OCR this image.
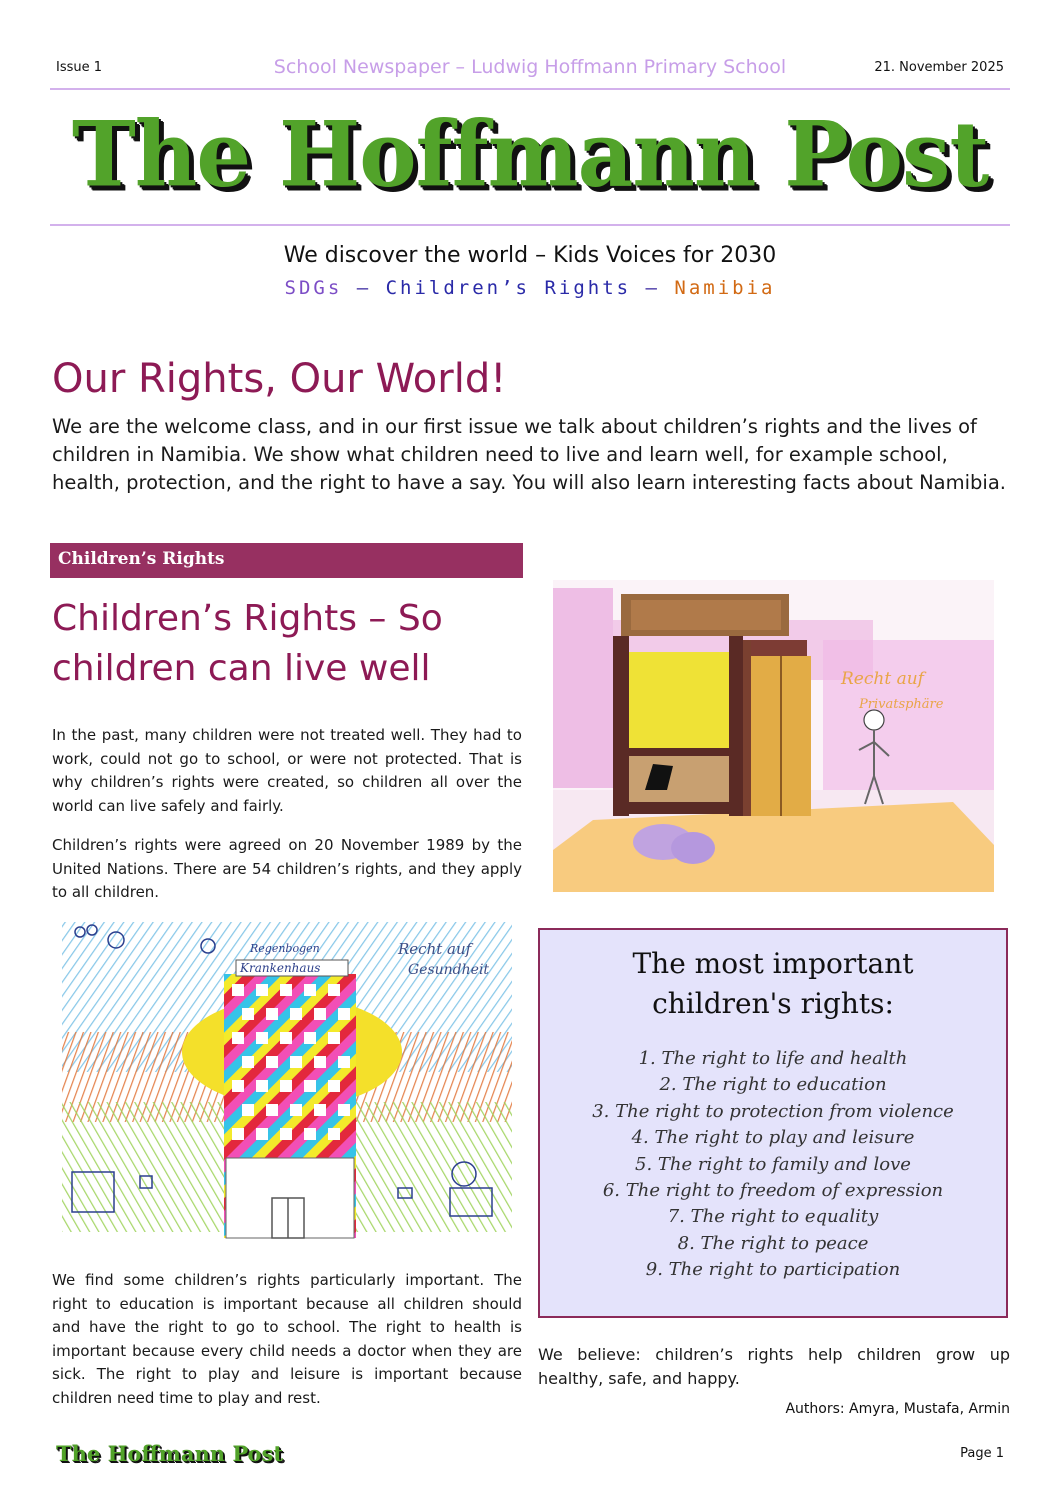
Issue 1	School Newspaper – Ludwig Hoffmann Primary School	21. November 2025
The Hoffmann Post
We discover the world – Kids Voices for 2030
SDGs – Children’s Rights – Namibia
Our Rights, Our World!
We are the welcome class, and in our first issue we talk about children’s rights and the lives of children in Namibia. We show what children need to live and learn well, for example school, health, protection, and the right to have a say. You will also learn interesting facts about Namibia.
Children’s Rights
Children’s Rights – So children can live well
In the past, many children were not treated well. They had to work, could not go to school, or were not protected. That is why children’s rights were created, so children all over the world can live safely and fairly.
Children’s rights were agreed on 20 November 1989 by the United Nations. There are 54 children’s rights, and they apply to all children.
Recht auf
Privatsphäre
Regenbogen
Krankenhaus
Recht auf
Gesundheit	The most important
children's rights:
1. The right to life and health
2. The right to education
3. The right to protection from violence
4. The right to play and leisure
5. The right to family and love
6. The right to freedom of expression
7. The right to equality
8. The right to peace
9. The right to participation
We find some children’s rights particularly important. The right to education is important because all children should and have the right to go to school. The right to health is important because every child needs a doctor when they are sick. The right to play and leisure is important because children need time to play and rest.
We believe: children’s rights help children grow up healthy, safe, and happy.
Authors: Amyra, Mustafa, Armin
The Hoffmann Post	Page 1
